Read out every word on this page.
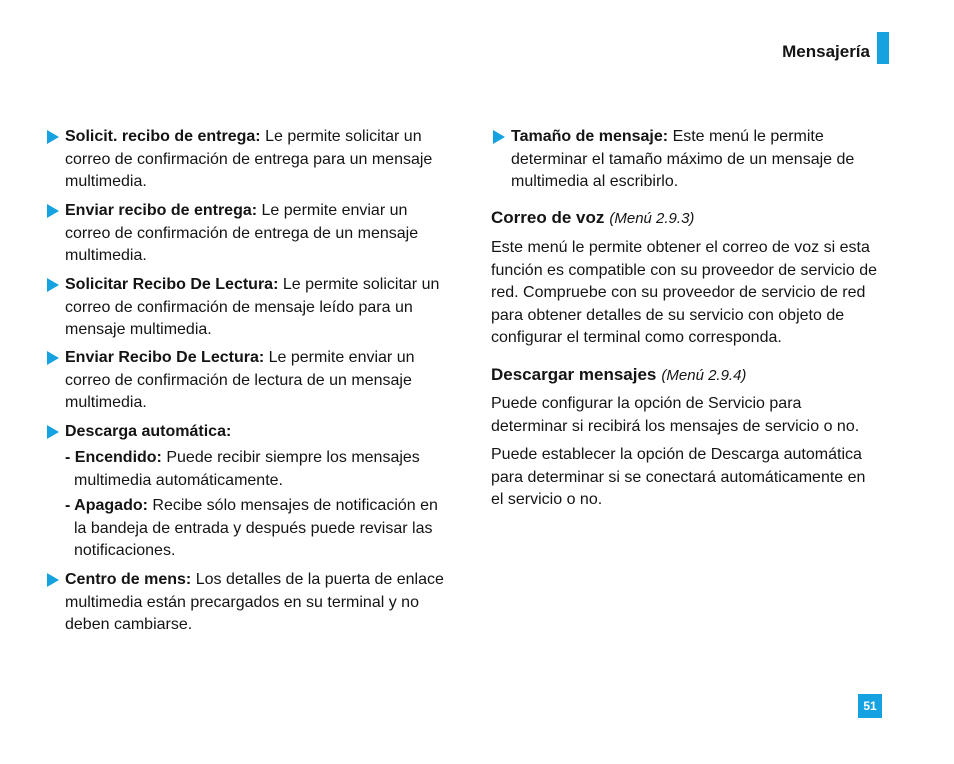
Mensajería
Solicit. recibo de entrega: Le permite solicitar un
correo de confirmación de entrega para un mensaje
multimedia.
Enviar recibo de entrega: Le permite enviar un
correo de confirmación de entrega de un mensaje
multimedia.
Solicitar Recibo De Lectura: Le permite solicitar un
correo de confirmación de mensaje leído para un
mensaje multimedia.
Enviar Recibo De Lectura: Le permite enviar un
correo de confirmación de lectura de un mensaje
multimedia.
Descarga automática:
- Encendido: Puede recibir siempre los mensajes
multimedia automáticamente.
- Apagado: Recibe sólo mensajes de notificación en
la bandeja de entrada y después puede revisar las
notificaciones.
Centro de mens: Los detalles de la puerta de enlace
multimedia están precargados en su terminal y no
deben cambiarse.
Tamaño de mensaje: Este menú le permite
determinar el tamaño máximo de un mensaje de
multimedia al escribirlo.
Correo de voz (Menú 2.9.3)
Este menú le permite obtener el correo de voz si esta
función es compatible con su proveedor de servicio de
red. Compruebe con su proveedor de servicio de red
para obtener detalles de su servicio con objeto de
configurar el terminal como corresponda.
Descargar mensajes (Menú 2.9.4)
Puede configurar la opción de Servicio para
determinar si recibirá los mensajes de servicio o no.
Puede establecer la opción de Descarga automática
para determinar si se conectará automáticamente en
el servicio o no.
51
